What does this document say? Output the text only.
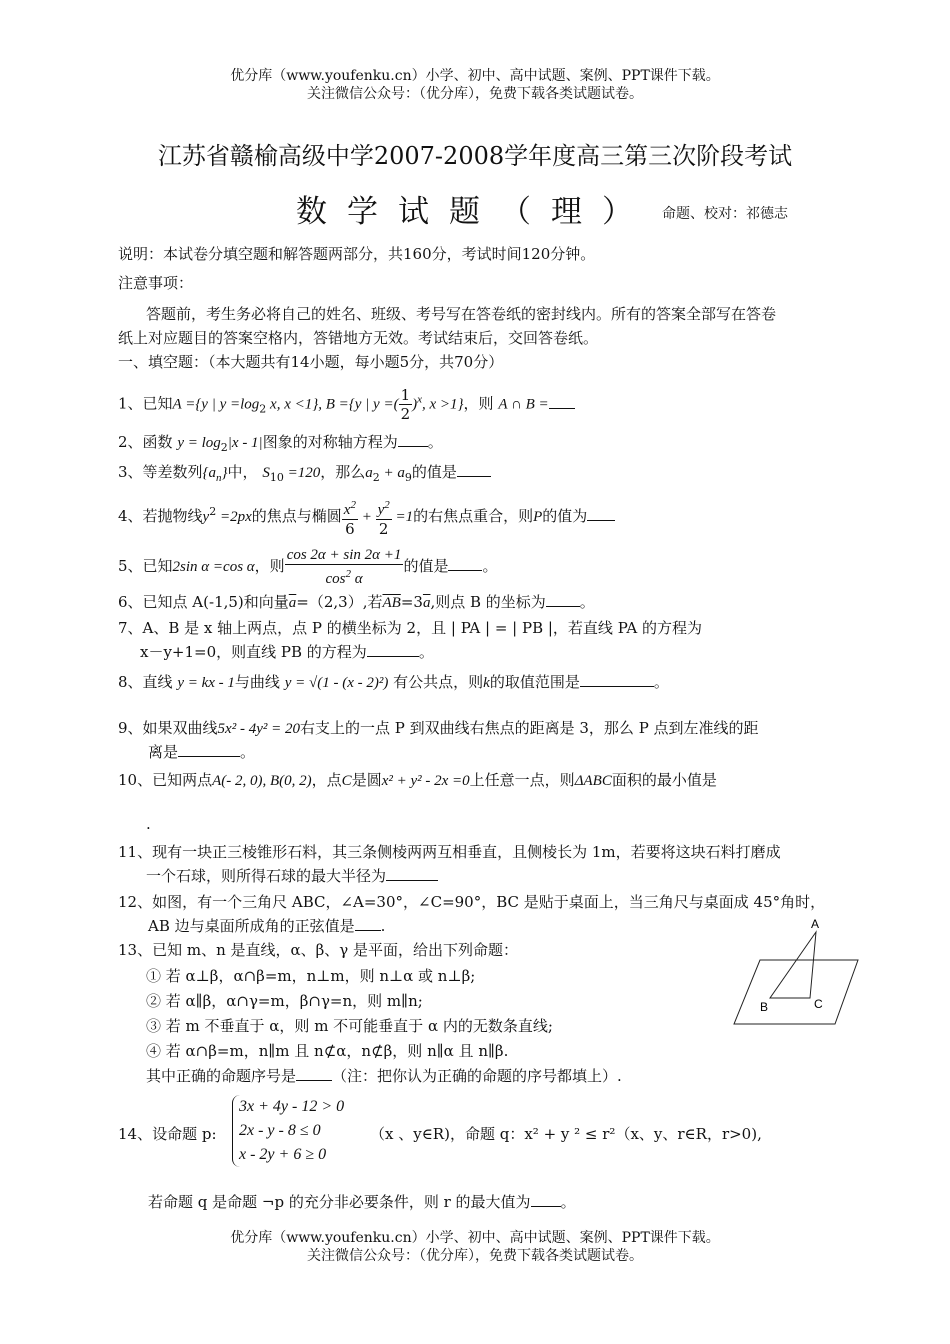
优分库（www.youfenku.cn）小学、初中、高中试题、案例、PPT课件下载。
关注微信公众号：（优分库），免费下载各类试题试卷。
江苏省赣榆高级中学2007-2008学年度高三第三次阶段考试
数学试题（理） 命题、校对：祁德志
说明：本试卷分填空题和解答题两部分，共160分，考试时间120分钟。
注意事项：
答题前，考生务必将自己的姓名、班级、考号写在答卷纸的密封线内。所有的答案全部写在答卷
纸上对应题目的答案空格内，答错地方无效。考试结束后，交回答卷纸。
一、填空题：（本大题共有14小题，每小题5分，共70分）
1、已知A ={y | $y =\log_2$ x, x <1}, B ={y | y =( $\frac{1}{2} )^x$, x >1}，则 A ∩ B =
2、函数 $y = \log_2|x - 1|$图象的对称轴方程为 。
3、等差数列$\{a_n\}$中， $S_{10} =120$，那么$a_2 + a_9$的值是
4、若抛物线$y^2 =2px$的焦点与椭圆 $\frac{x^2}{6} + \frac{y^2}{2} =1$的右焦点重合，则P的值为
5、已知2sin α =cos α，则 $\frac{\cos 2\alpha + \sin 2\alpha +1}{\cos^2 \alpha}$ 的值是 。
6、已知点 A(-1,5)和向量$\overline{a}=(2,3)$,若$\overline{AB}=3\overline{a}$,则点 B 的坐标为 。
7、A、B 是 x 轴上两点，点 P 的横坐标为 2，且 | PA | = | PB |，若直线 PA 的方程为
x－y+1=0，则直线 PB 的方程为	。
8、直线 y = kx - 1与曲线 y = √(1 - (x - 2)²) 有公共点，则k的取值范围是	。
9、如果双曲线5x² - 4y² = 20右支上的一点 P 到双曲线右焦点的距离是 3，那么 P 点到左准线的距
离是	。
10、已知两点A(- 2, 0), B(0, 2)，点C是圆x² + y² - 2x =0上任意一点，则ΔABC面积的最小值是
.
11、现有一块正三棱锥形石料，其三条侧棱两两互相垂直，且侧棱长为 1m，若要将这块石料打磨成
一个石球，则所得石球的最大半径为
12、如图，有一个三角尺 ABC，∠A=30°，∠C=90°，BC 是贴于桌面上，当三角尺与桌面成 45°角时，
AB 边与桌面所成角的正弦值是 .	A
B	C
13、已知 m、n 是直线，α、β、γ 是平面，给出下列命题：
① 若 α⊥β，α∩β=m，n⊥m，则 n⊥α 或 n⊥β;
② 若 α∥β，α∩γ=m，β∩γ=n，则 m∥n;
③ 若 m 不垂直于 α，则 m 不可能垂直于 α 内的无数条直线;
④ 若 α∩β=m，n∥m 且 n⊄α，n⊄β，则 n∥α 且 n∥β.
其中正确的命题序号是 （注：把你认为正确的命题的序号都填上）.
14、设命题 p:
3x + 4y - 12 > 0
2x - y - 8 ≤ 0
x - 2y + 6 ≥ 0
（x 、y∈R)，命题 q：x² + y ² ≤ r²（x、y、r∈R，r>0),
若命题 q 是命题 ¬p 的充分非必要条件，则 r 的最大值为 。
优分库（www.youfenku.cn）小学、初中、高中试题、案例、PPT课件下载。
关注微信公众号：（优分库），免费下载各类试题试卷。
